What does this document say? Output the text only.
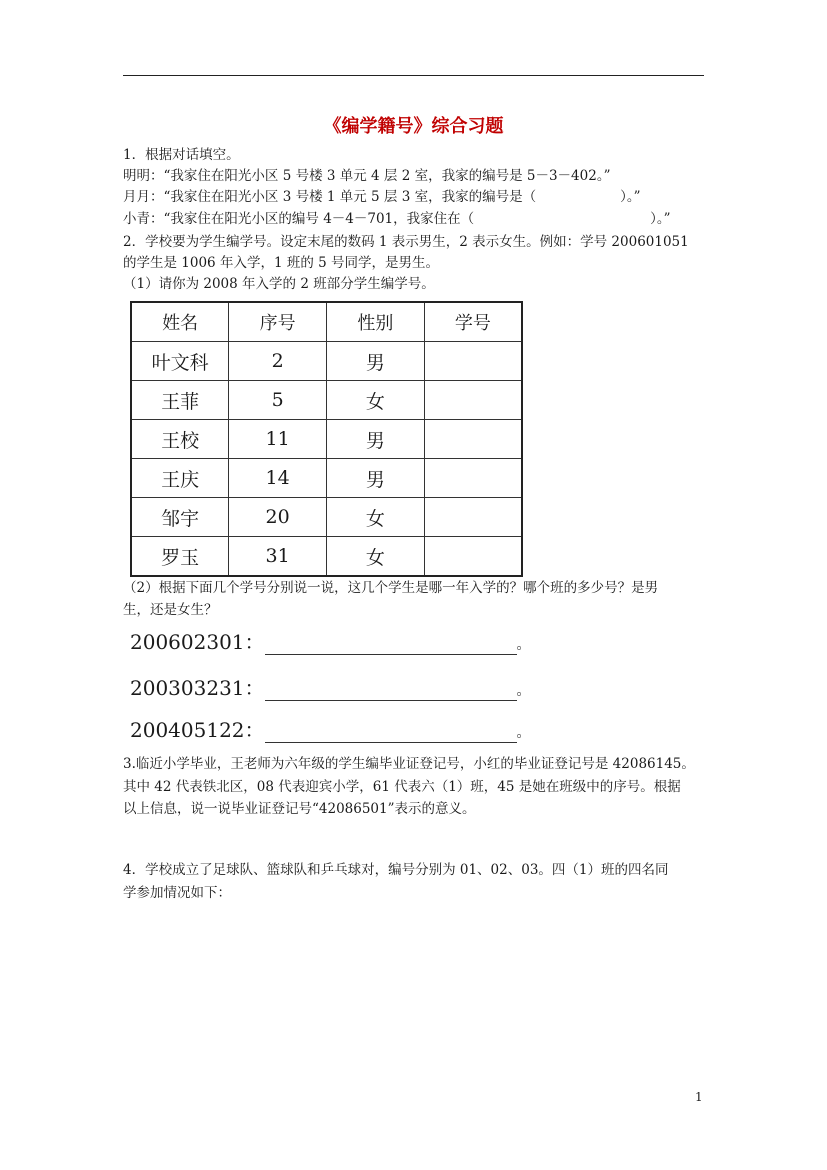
《编学籍号》综合习题
1．根据对话填空。
明明：“我家住在阳光小区 5 号楼 3 单元 4 层 2 室，我家的编号是 5－3－402。”
月月：“我家住在阳光小区 3 号楼 1 单元 5 层 3 室，我家的编号是（	）。”
小青：“我家住在阳光小区的编号 4－4－701，我家住在（	）。”
2．学校要为学生编学号。设定末尾的数码 1 表示男生，2 表示女生。例如：学号 200601051
的学生是 1006 年入学，1 班的 5 号同学，是男生。
（1）请你为 2008 年入学的 2 班部分学生编学号。
姓名	序号	性别	学号
叶文科	2	男	
王菲	5	女	
王校	11	男	
王庆	14	男	
邹宇	20	女	
罗玉	31	女	
（2）根据下面几个学号分别说一说，这几个学生是哪一年入学的？哪个班的多少号？是男
生，还是女生？
200602301：	。
200303231：	。
200405122：	。
3.临近小学毕业，王老师为六年级的学生编毕业证登记号，小红的毕业证登记号是 42086145。
其中 42 代表铁北区，08 代表迎宾小学，61 代表六（1）班，45 是她在班级中的序号。根据
以上信息，说一说毕业证登记号“42086501”表示的意义。
4．学校成立了足球队、篮球队和乒乓球对，编号分别为 01、02、03。四（1）班的四名同
学参加情况如下：
1
